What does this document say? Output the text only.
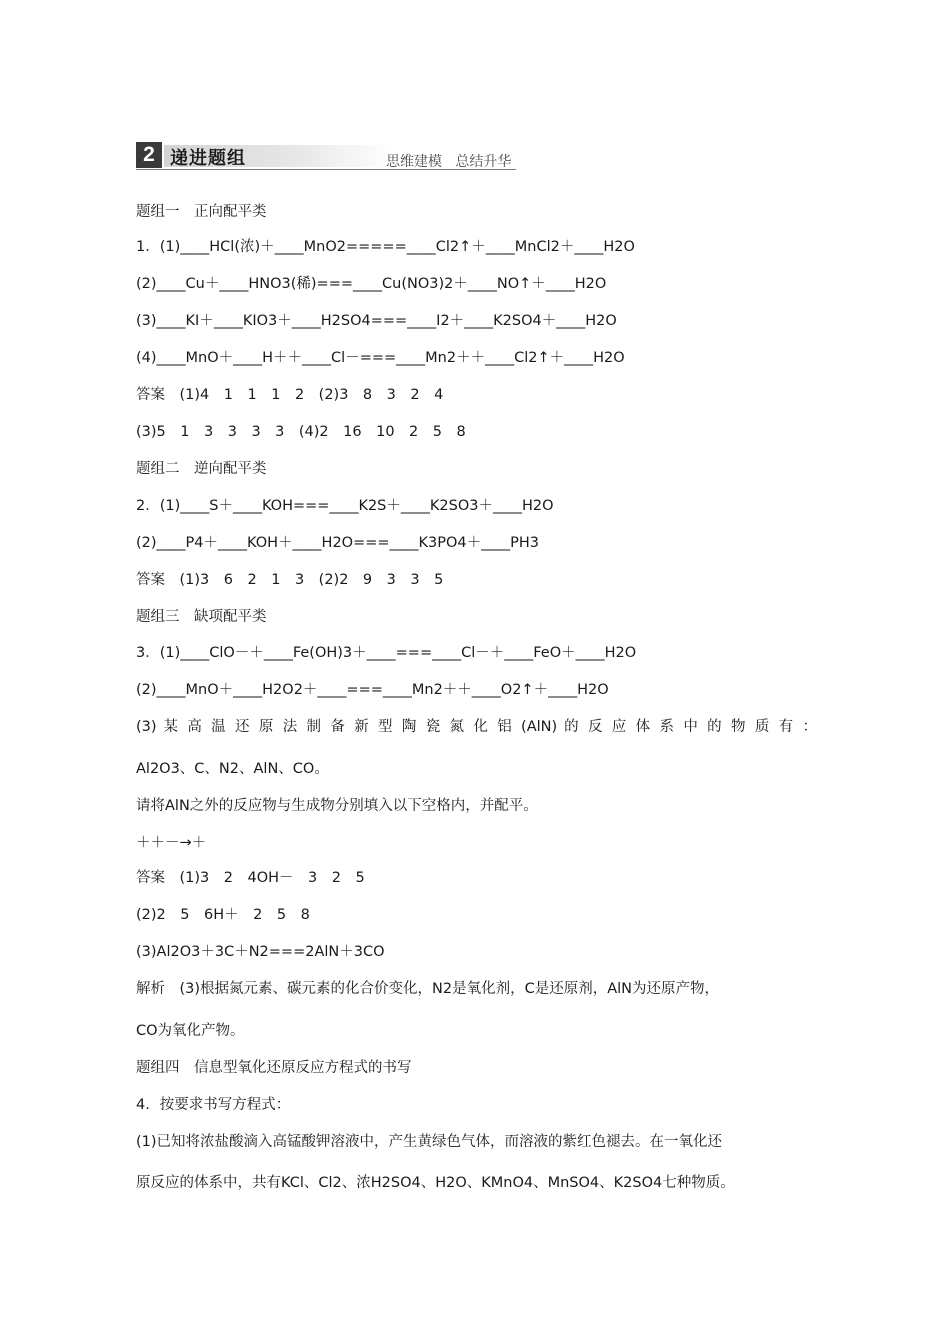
2 递进题组	思维建模   总结升华
题组一　正向配平类
1．(1)____HCl(浓)＋____MnO2=====____Cl2↑＋____MnCl2＋____H2O
(2)____Cu＋____HNO3(稀)===____Cu(NO3)2＋____NO↑＋____H2O
(3)____KI＋____KIO3＋____H2SO4===____I2＋____K2SO4＋____H2O
(4)____MnO＋____H＋＋____Cl－===____Mn2＋＋____Cl2↑＋____H2O
答案　(1)4　1　1　1　2　(2)3　8　3　2　4
(3)5　1　3　3　3　3　(4)2　16　10　2　5　8
题组二　逆向配平类
2．(1)____S＋____KOH===____K2S＋____K2SO3＋____H2O
(2)____P4＋____KOH＋____H2O===____K3PO4＋____PH3
答案　(1)3　6　2　1　3　(2)2　9　3　3　5
题组三　缺项配平类
3．(1)____ClO－＋____Fe(OH)3＋____===____Cl－＋____FeO＋____H2O
(2)____MnO＋____H2O2＋____===____Mn2＋＋____O2↑＋____H2O
(3) 某 高 温 还 原 法 制 备 新 型 陶 瓷 氮 化 铝 (AlN) 的 反 应 体 系 中 的 物 质 有 ：
Al2O3、C、N2、AlN、CO。
请将AlN之外的反应物与生成物分别填入以下空格内，并配平。
＋＋－→＋
答案　(1)3　2　4OH－　3　2　5
(2)2　5　6H＋　2　5　8
(3)Al2O3＋3C＋N2===2AlN＋3CO
解析　(3)根据氮元素、碳元素的化合价变化，N2是氧化剂，C是还原剂，AlN为还原产物，
CO为氧化产物。
题组四　信息型氧化还原反应方程式的书写
4．按要求书写方程式：
(1)已知将浓盐酸滴入高锰酸钾溶液中，产生黄绿色气体，而溶液的紫红色褪去。在一氧化还
原反应的体系中，共有KCl、Cl2、浓H2SO4、H2O、KMnO4、MnSO4、K2SO4七种物质。
